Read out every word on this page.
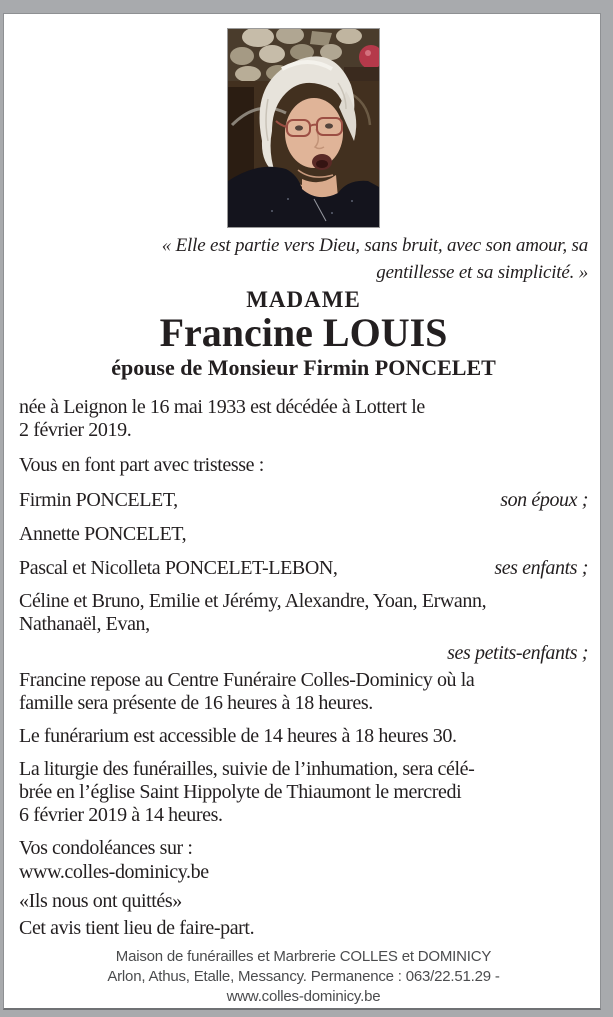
« Elle est partie vers Dieu, sans bruit, avec son amour, sa
gentillesse et sa simplicité. »
MADAME
Francine LOUIS
épouse de Monsieur Firmin PONCELET

née à Leignon le 16 mai 1933 est décédée à Lottert le
2 février 2019.

Vous en font part avec tristesse :

Firmin PONCELET,	son époux ;

Annette PONCELET,

Pascal et Nicolleta PONCELET-LEBON,	ses enfants ;

Céline et Bruno, Emilie et Jérémy, Alexandre, Yoan, Erwann,
Nathanaël, Evan,

ses petits-enfants ;

Francine repose au Centre Funéraire Colles-Dominicy où la
famille sera présente de 16 heures à 18 heures.

Le funérarium est accessible de 14 heures à 18 heures 30.

La liturgie des funérailles, suivie de l’inhumation, sera célé-
brée en l’église Saint Hippolyte de Thiaumont le mercredi
6 février 2019 à 14 heures.

Vos condoléances sur :

www.colles-dominicy.be

«Ils nous ont quittés»

Cet avis tient lieu de faire-part.

Maison de funérailles et Marbrerie COLLES et DOMINICY
Arlon, Athus, Etalle, Messancy. Permanence : 063/22.51.29 -
www.colles-dominicy.be
